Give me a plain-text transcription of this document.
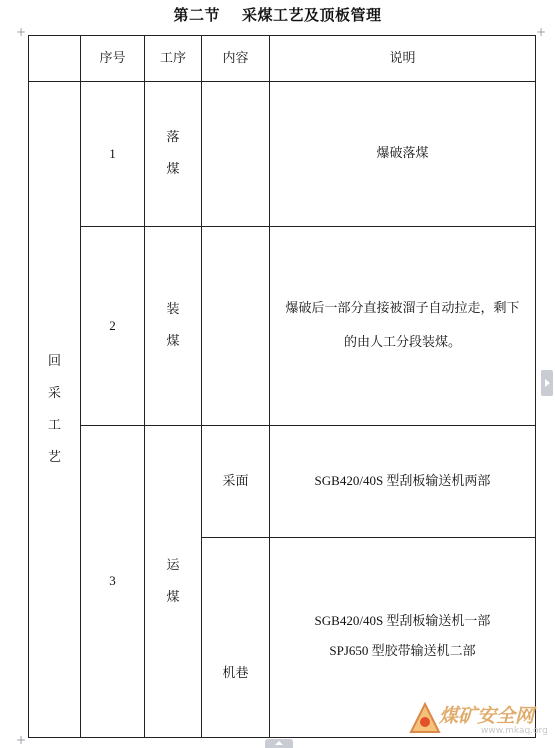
第二节 采煤工艺及顶板管理
+	+
+
	序号	工序	内容	说明
回采工艺	1	落煤		爆破落煤
	2	装煤		爆破后一部分直接被溜子自动拉走，剩下的由人工分段装煤。

	3	运煤	采面	SGB420/40S 型刮板输送机两部
			机巷	SGB420/40S 型刮板输送机一部
SPJ650 型胶带输送机二部
煤矿安全网
www.mkaq.org
